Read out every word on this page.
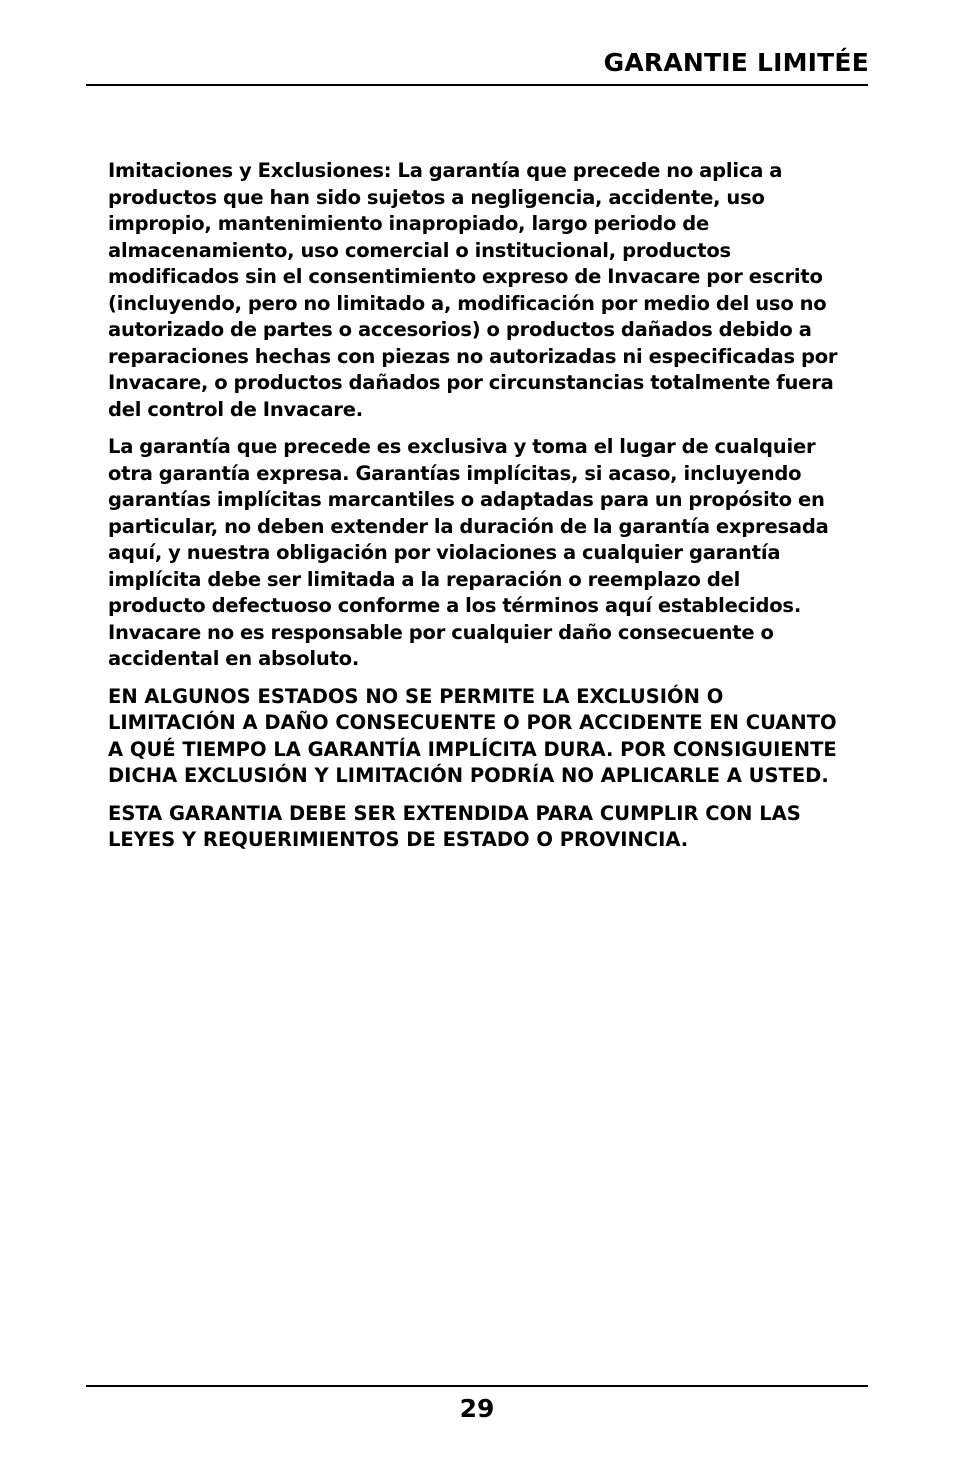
GARANTIE LIMITÉE

Imitaciones y Exclusiones: La garantía que precede no aplica a productos que han sido sujetos a negligencia, accidente, uso impropio, mantenimiento inapropiado, largo periodo de almacenamiento, uso comercial o institucional, productos modificados sin el consentimiento expreso de Invacare por escrito (incluyendo, pero no limitado a, modificación por medio del uso no autorizado de partes o accesorios) o productos dañados debido a reparaciones hechas con piezas no autorizadas ni especificadas por Invacare, o productos dañados por circunstancias totalmente fuera del control de Invacare.

La garantía que precede es exclusiva y toma el lugar de cualquier otra garantía expresa. Garantías implícitas, si acaso, incluyendo garantías implícitas marcantiles o adaptadas para un propósito en particular, no deben extender la duración de la garantía expresada aquí, y nuestra obligación por violaciones a cualquier garantía implícita debe ser limitada a la reparación o reemplazo del producto defectuoso conforme a los términos aquí establecidos. Invacare no es responsable por cualquier daño consecuente o accidental en absoluto.

EN ALGUNOS ESTADOS NO SE PERMITE LA EXCLUSIÓN O LIMITACIÓN A DAÑO CONSECUENTE O POR ACCIDENTE EN CUANTO A QUÉ TIEMPO LA GARANTÍA IMPLÍCITA DURA. POR CONSIGUIENTE DICHA EXCLUSIÓN Y LIMITACIÓN PODRÍA NO APLICARLE A USTED.

ESTA GARANTIA DEBE SER EXTENDIDA PARA CUMPLIR CON LAS LEYES Y REQUERIMIENTOS DE ESTADO O PROVINCIA.

29
